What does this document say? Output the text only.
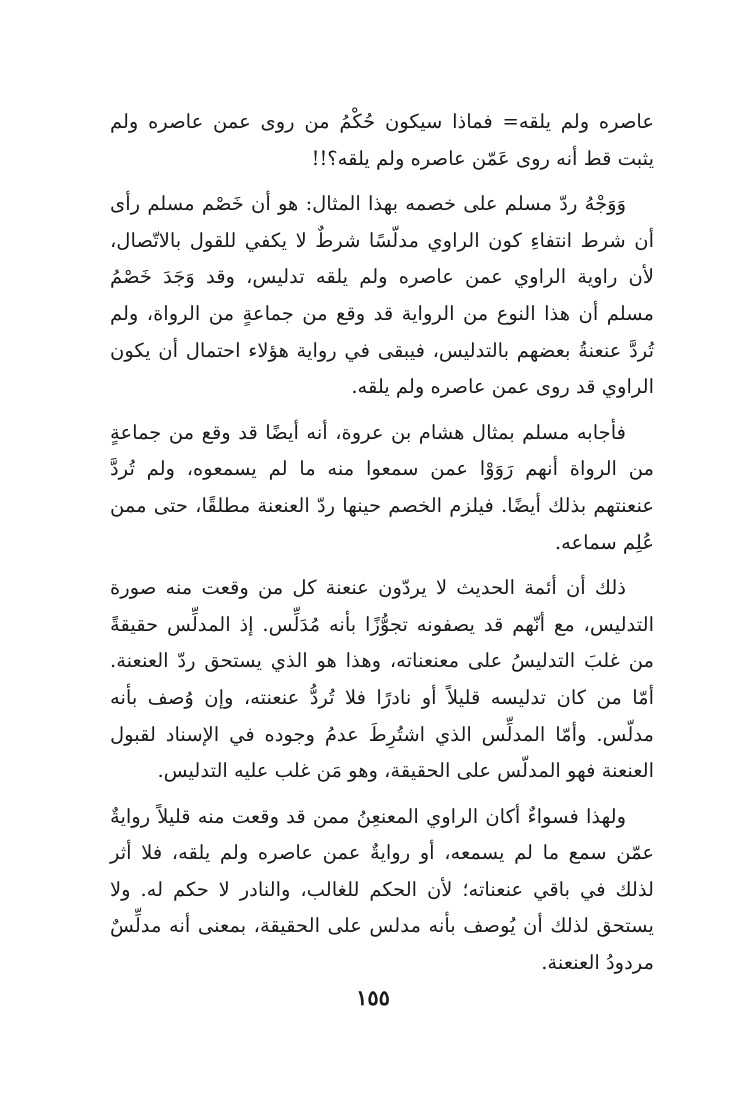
عاصره ولم يلقه= فماذا سيكون حُكْمُ من روى عمن عاصره ولم يثبت قط أنه روى عَمّن عاصره ولم يلقه؟!!

وَوَجْهُ ردّ مسلم على خصمه بهذا المثال: هو أن خَصْم مسلم رأى أن شرط انتفاءِ كون الراوي مدلّسًا شرطٌ لا يكفي للقول بالاتّصال، لأن راوية الراوي عمن عاصره ولم يلقه تدليس، وقد وَجَدَ خَصْمُ مسلم أن هذا النوع من الرواية قد وقع من جماعةٍ من الرواة، ولم تُردَّ عنعنةُ بعضهم بالتدليس، فيبقى في رواية هؤلاء احتمال أن يكون الراوي قد روى عمن عاصره ولم يلقه.

فأجابه مسلم بمثال هشام بن عروة، أنه أيضًا قد وقع من جماعةٍ من الرواة أنهم رَوَوْا عمن سمعوا منه ما لم يسمعوه، ولم تُردَّ عنعنتهم بذلك أيضًا. فيلزم الخصم حينها ردّ العنعنة مطلقًا، حتى ممن عُلِم سماعه.

ذلك أن أئمة الحديث لا يردّون عنعنة كل من وقعت منه صورة التدليس، مع أنّهم قد يصفونه تجوُّزًا بأنه مُدَلِّس. إذ المدلِّس حقيقةً من غلبَ التدليسُ على معنعناته، وهذا هو الذي يستحق ردّ العنعنة. أمّا من كان تدليسه قليلاً أو نادرًا فلا تُردُّ عنعنته، وإن وُصف بأنه مدلّس. وأمّا المدلِّس الذي اشتُرِطَ عدمُ وجوده في الإسناد لقبول العنعنة فهو المدلّس على الحقيقة، وهو مَن غلب عليه التدليس.

ولهذا فسواءٌ أكان الراوي المعنعِنُ ممن قد وقعت منه قليلاً روايةٌ عمّن سمع ما لم يسمعه، أو روايةٌ عمن عاصره ولم يلقه، فلا أثر لذلك في باقي عنعناته؛ لأن الحكم للغالب، والنادر لا حكم له. ولا يستحق لذلك أن يُوصف بأنه مدلس على الحقيقة، بمعنى أنه مدلِّسٌ مردودُ العنعنة.

١٥٥
